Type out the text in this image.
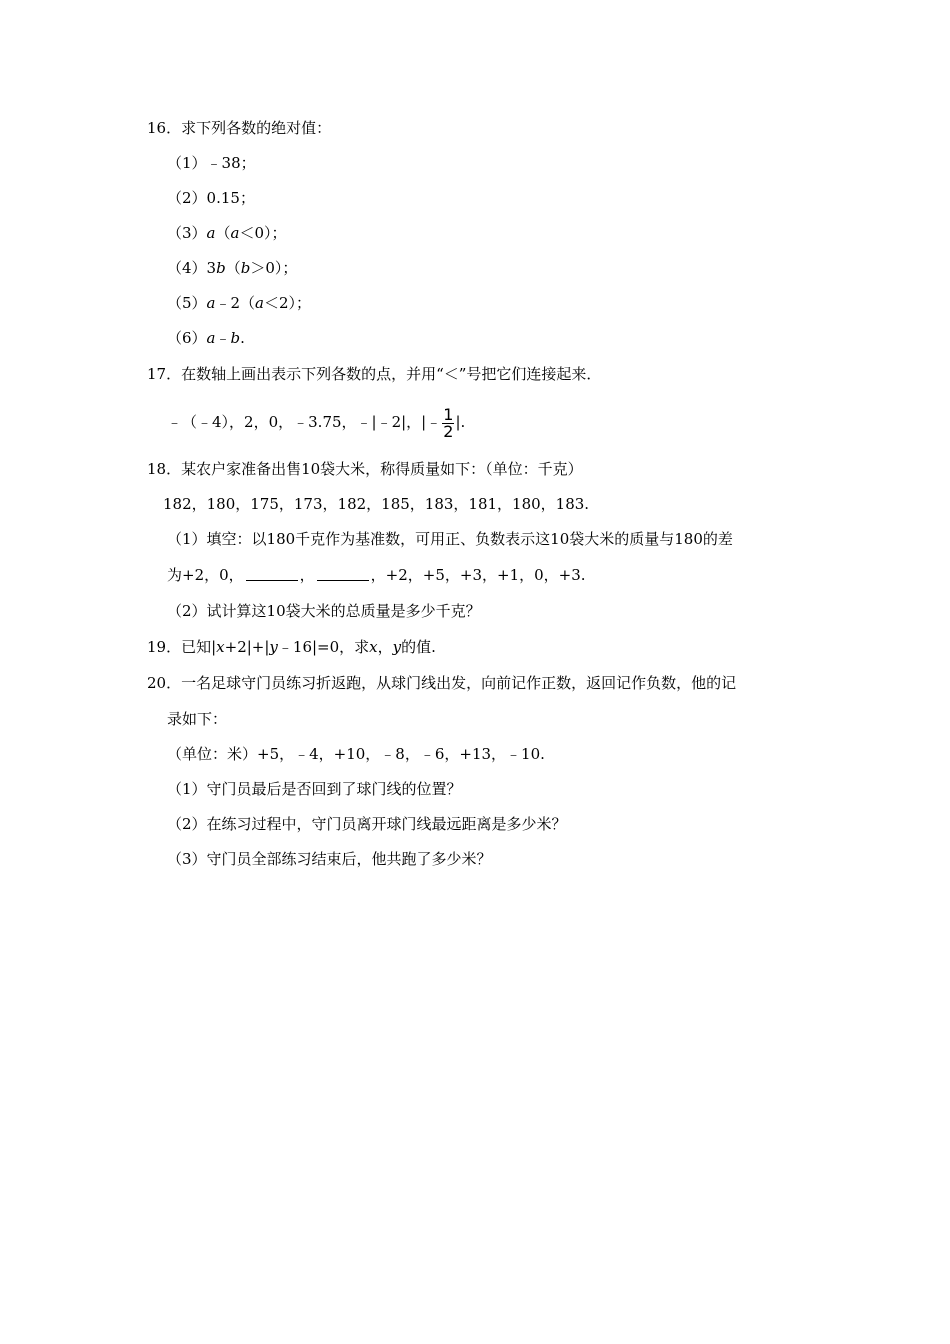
16．求下列各数的绝对值：
（1）﹣38；
（2）0.15；
（3）a（a＜0）；
（4）3b（b＞0）；
（5）a﹣2（a＜2）；
（6）a﹣b.
17．在数轴上画出表示下列各数的点，并用“＜”号把它们连接起来．
﹣（﹣4），2，0，﹣3.75，﹣|﹣2|，|﹣ $\frac{1}{2}$ |.
18．某农户家准备出售10袋大米，称得质量如下：（单位：千克）
182，180，175，173，182，185，183，181，180，183.
（1）填空：以180千克作为基准数，可用正、负数表示这10袋大米的质量与180的差
为+2，0，	，	，+2，+5，+3，+1，0，+3.
（2）试计算这10袋大米的总质量是多少千克？
19．已知|x+2|+|y﹣16|=0，求x，y的值.
20．一名足球守门员练习折返跑，从球门线出发，向前记作正数，返回记作负数，他的记
录如下：
（单位：米）+5，﹣4，+10，﹣8，﹣6，+13，﹣10.
（1）守门员最后是否回到了球门线的位置？
（2）在练习过程中，守门员离开球门线最远距离是多少米？
（3）守门员全部练习结束后，他共跑了多少米？
